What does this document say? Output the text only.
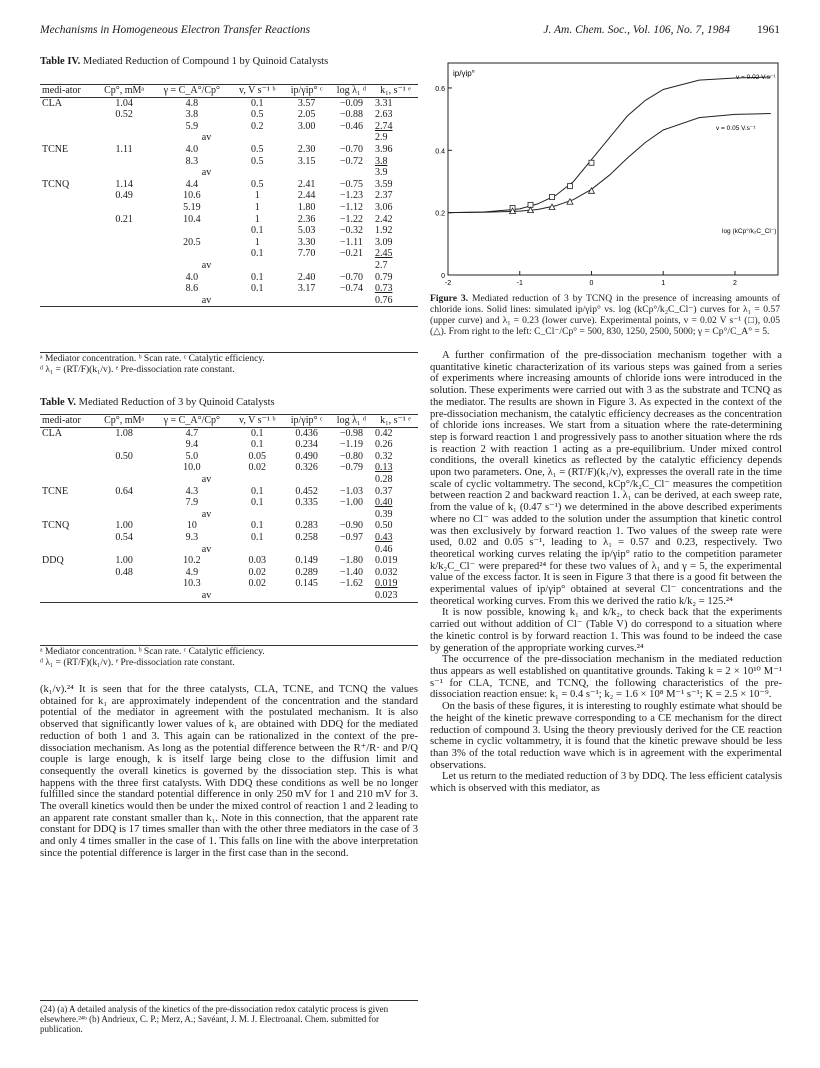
Mechanisms in Homogeneous Electron Transfer Reactions	J. Am. Chem. Soc., Vol. 106, No. 7, 1984 1961
Table IV. Mediated Reduction of Compound 1 by Quinoid Catalysts
medi-ator	Cp°, mMᵃ	γ = C_A°/Cp°	v, V s⁻¹ ᵇ	ip/γip° ᶜ	log λ₁ ᵈ	k₁, s⁻¹ ᵉ
CLA	1.04	4.8	0.1	3.57	−0.09	3.31
	0.52	3.8	0.5	2.05	−0.88	2.63
		5.9	0.2	3.00	−0.46	2.74
av						2.9
TCNE	1.11	4.0	0.5	2.30	−0.70	3.96
		8.3	0.5	3.15	−0.72	3.8
av						3.9
TCNQ	1.14	4.4	0.5	2.41	−0.75	3.59
	0.49	10.6	1	2.44	−1.23	2.37
		5.19	1	1.80	−1.12	3.06
	0.21	10.4	1	2.36	−1.22	2.42
			0.1	5.03	−0.32	1.92
		20.5	1	3.30	−1.11	3.09
			0.1	7.70	−0.21	2.45
av						2.7
		4.0	0.1	2.40	−0.70	0.79
		8.6	0.1	3.17	−0.74	0.73
av						0.76
ᵃ Mediator concentration. ᵇ Scan rate. ᶜ Catalytic efficiency.
ᵈ λ₁ = (RT/F)(k₁/v). ᵉ Pre-dissociation rate constant.
Table V. Mediated Reduction of 3 by Quinoid Catalysts
medi-ator	Cp°, mMᵃ	γ = C_A°/Cp°	v, V s⁻¹ ᵇ	ip/γip° ᶜ	log λ₁ ᵈ	k₁, s⁻¹ ᵉ
CLA	1.08	4.7	0.1	0.436	−0.98	0.42
		9.4	0.1	0.234	−1.19	0.26
	0.50	5.0	0.05	0.490	−0.80	0.32
		10.0	0.02	0.326	−0.79	0.13
av						0.28
TCNE	0.64	4.3	0.1	0.452	−1.03	0.37
		7.9	0.1	0.335	−1.00	0.40
av						0.39
TCNQ	1.00	10	0.1	0.283	−0.90	0.50
	0.54	9.3	0.1	0.258	−0.97	0.43
av						0.46
DDQ	1.00	10.2	0.03	0.149	−1.80	0.019
	0.48	4.9	0.02	0.289	−1.40	0.032
		10.3	0.02	0.145	−1.62	0.019
av						0.023
ᵃ Mediator concentration. ᵇ Scan rate. ᶜ Catalytic efficiency.
ᵈ λ₁ = (RT/F)(k₁/v). ᵉ Pre-dissociation rate constant.

(k₁/v).²⁴ It is seen that for the three catalysts, CLA, TCNE, and TCNQ the values obtained for k₁ are approximately independent of the concentration and the standard potential of the mediator in agreement with the postulated mechanism. It is also observed that significantly lower values of k₁ are obtained with DDQ for the mediated reduction of both 1 and 3. This again can be rationalized in the context of the pre-dissociation mechanism. As long as the potential difference between the R⁺/R· and P/Q couple is large enough, k is itself large being close to the diffusion limit and consequently the overall kinetics is governed by the dissociation step. This is what happens with the three first catalysts. With DDQ these conditions as well be no longer fulfilled since the standard potential difference in only 250 mV for 1 and 210 mV for 3. The overall kinetics would then be under the mixed control of reaction 1 and 2 leading to an apparent rate constant smaller than k₁. Note in this connection, that the apparent rate constant for DDQ is 17 times smaller than with the other three mediators in the case of 3 and only 4 times smaller in the case of 1. This falls on line with the above interpretation since the potential difference is larger in the first case than in the second.

(24) (a) A detailed analysis of the kinetics of the pre-dissociation redox catalytic process is given elsewhere.²⁴ᵇ (b) Andrieux, C. P.; Merz, A.; Savéant, J. M. J. Electroanal. Chem. submitted for publication.
ip/γip°
0
0.2
0.4
0.6
-2	-1	0	1	2
v = 0.02 V.s⁻¹
v = 0.05 V.s⁻¹
log (kCp°/k₂C_Cl⁻)
Figure 3. Mediated reduction of 3 by TCNQ in the presence of increasing amounts of chloride ions. Solid lines: simulated ip/γip° vs. log (kCp°/k₂C_Cl⁻) curves for λ₁ = 0.57 (upper curve) and λ₁ = 0.23 (lower curve). Experimental points, v = 0.02 V s⁻¹ (□), 0.05 (△). From right to the left: C_Cl⁻/Cp° = 500, 830, 1250, 2500, 5000; γ = Cp°/C_A° = 5.

A further confirmation of the pre-dissociation mechanism together with a quantitative kinetic characterization of its various steps was gained from a series of experiments where increasing amounts of chloride ions were introduced in the solution. These experiments were carried out with 3 as the substrate and TCNQ as the mediator. The results are shown in Figure 3. As expected in the context of the pre-dissociation mechanism, the catalytic efficiency decreases as the concentration of chloride ions increases. We start from a situation where the rate-determining step is forward reaction 1 and progressively pass to another situation where the rds is reaction 2 with reaction 1 acting as a pre-equilibrium. Under mixed control conditions, the overall kinetics as reflected by the catalytic efficiency depends upon two parameters. One, λ₁ = (RT/F)(k₁/v), expresses the overall rate in the time scale of cyclic voltammetry. The second, kCp°/k₂C_Cl⁻ measures the competition between reaction 2 and backward reaction 1. λ₁ can be derived, at each sweep rate, from the value of k₁ (0.47 s⁻¹) we determined in the above described experiments where no Cl⁻ was added to the solution under the assumption that kinetic control was then exclusively by forward reaction 1. Two values of the sweep rate were used, 0.02 and 0.05 s⁻¹, leading to λ₁ = 0.57 and 0.23, respectively. Two theoretical working curves relating the ip/γip° ratio to the competition parameter k/k₂C_Cl⁻ were prepared²⁴ for these two values of λ₁ and γ = 5, the experimental value of the excess factor. It is seen in Figure 3 that there is a good fit between the experimental values of ip/γip° obtained at several Cl⁻ concentrations and the theoretical working curves. From this we derived the ratio k/k₂ = 125.²⁴

It is now possible, knowing k₁ and k/k₂, to check back that the experiments carried out without addition of Cl⁻ (Table V) do correspond to a situation where the kinetic control is by forward reaction 1. This was found to be indeed the case by generation of the appropriate working curves.²⁴

The occurrence of the pre-dissociation mechanism in the mediated reduction thus appears as well established on quantitative grounds. Taking k = 2 × 10¹⁰ M⁻¹ s⁻¹ for CLA, TCNE, and TCNQ, the following characteristics of the pre-dissociation reaction ensue: k₁ = 0.4 s⁻¹; k₂ = 1.6 × 10⁸ M⁻¹ s⁻¹; K = 2.5 × 10⁻⁹.

On the basis of these figures, it is interesting to roughly estimate what should be the height of the kinetic prewave corresponding to a CE mechanism for the direct reduction of compound 3. Using the theory previously derived for the CE reaction scheme in cyclic voltammetry, it is found that the kinetic prewave should be less than 3% of the total reduction wave which is in agreement with the experimental observations.

Let us return to the mediated reduction of 3 by DDQ. The less efficient catalysis which is observed with this mediator, as
